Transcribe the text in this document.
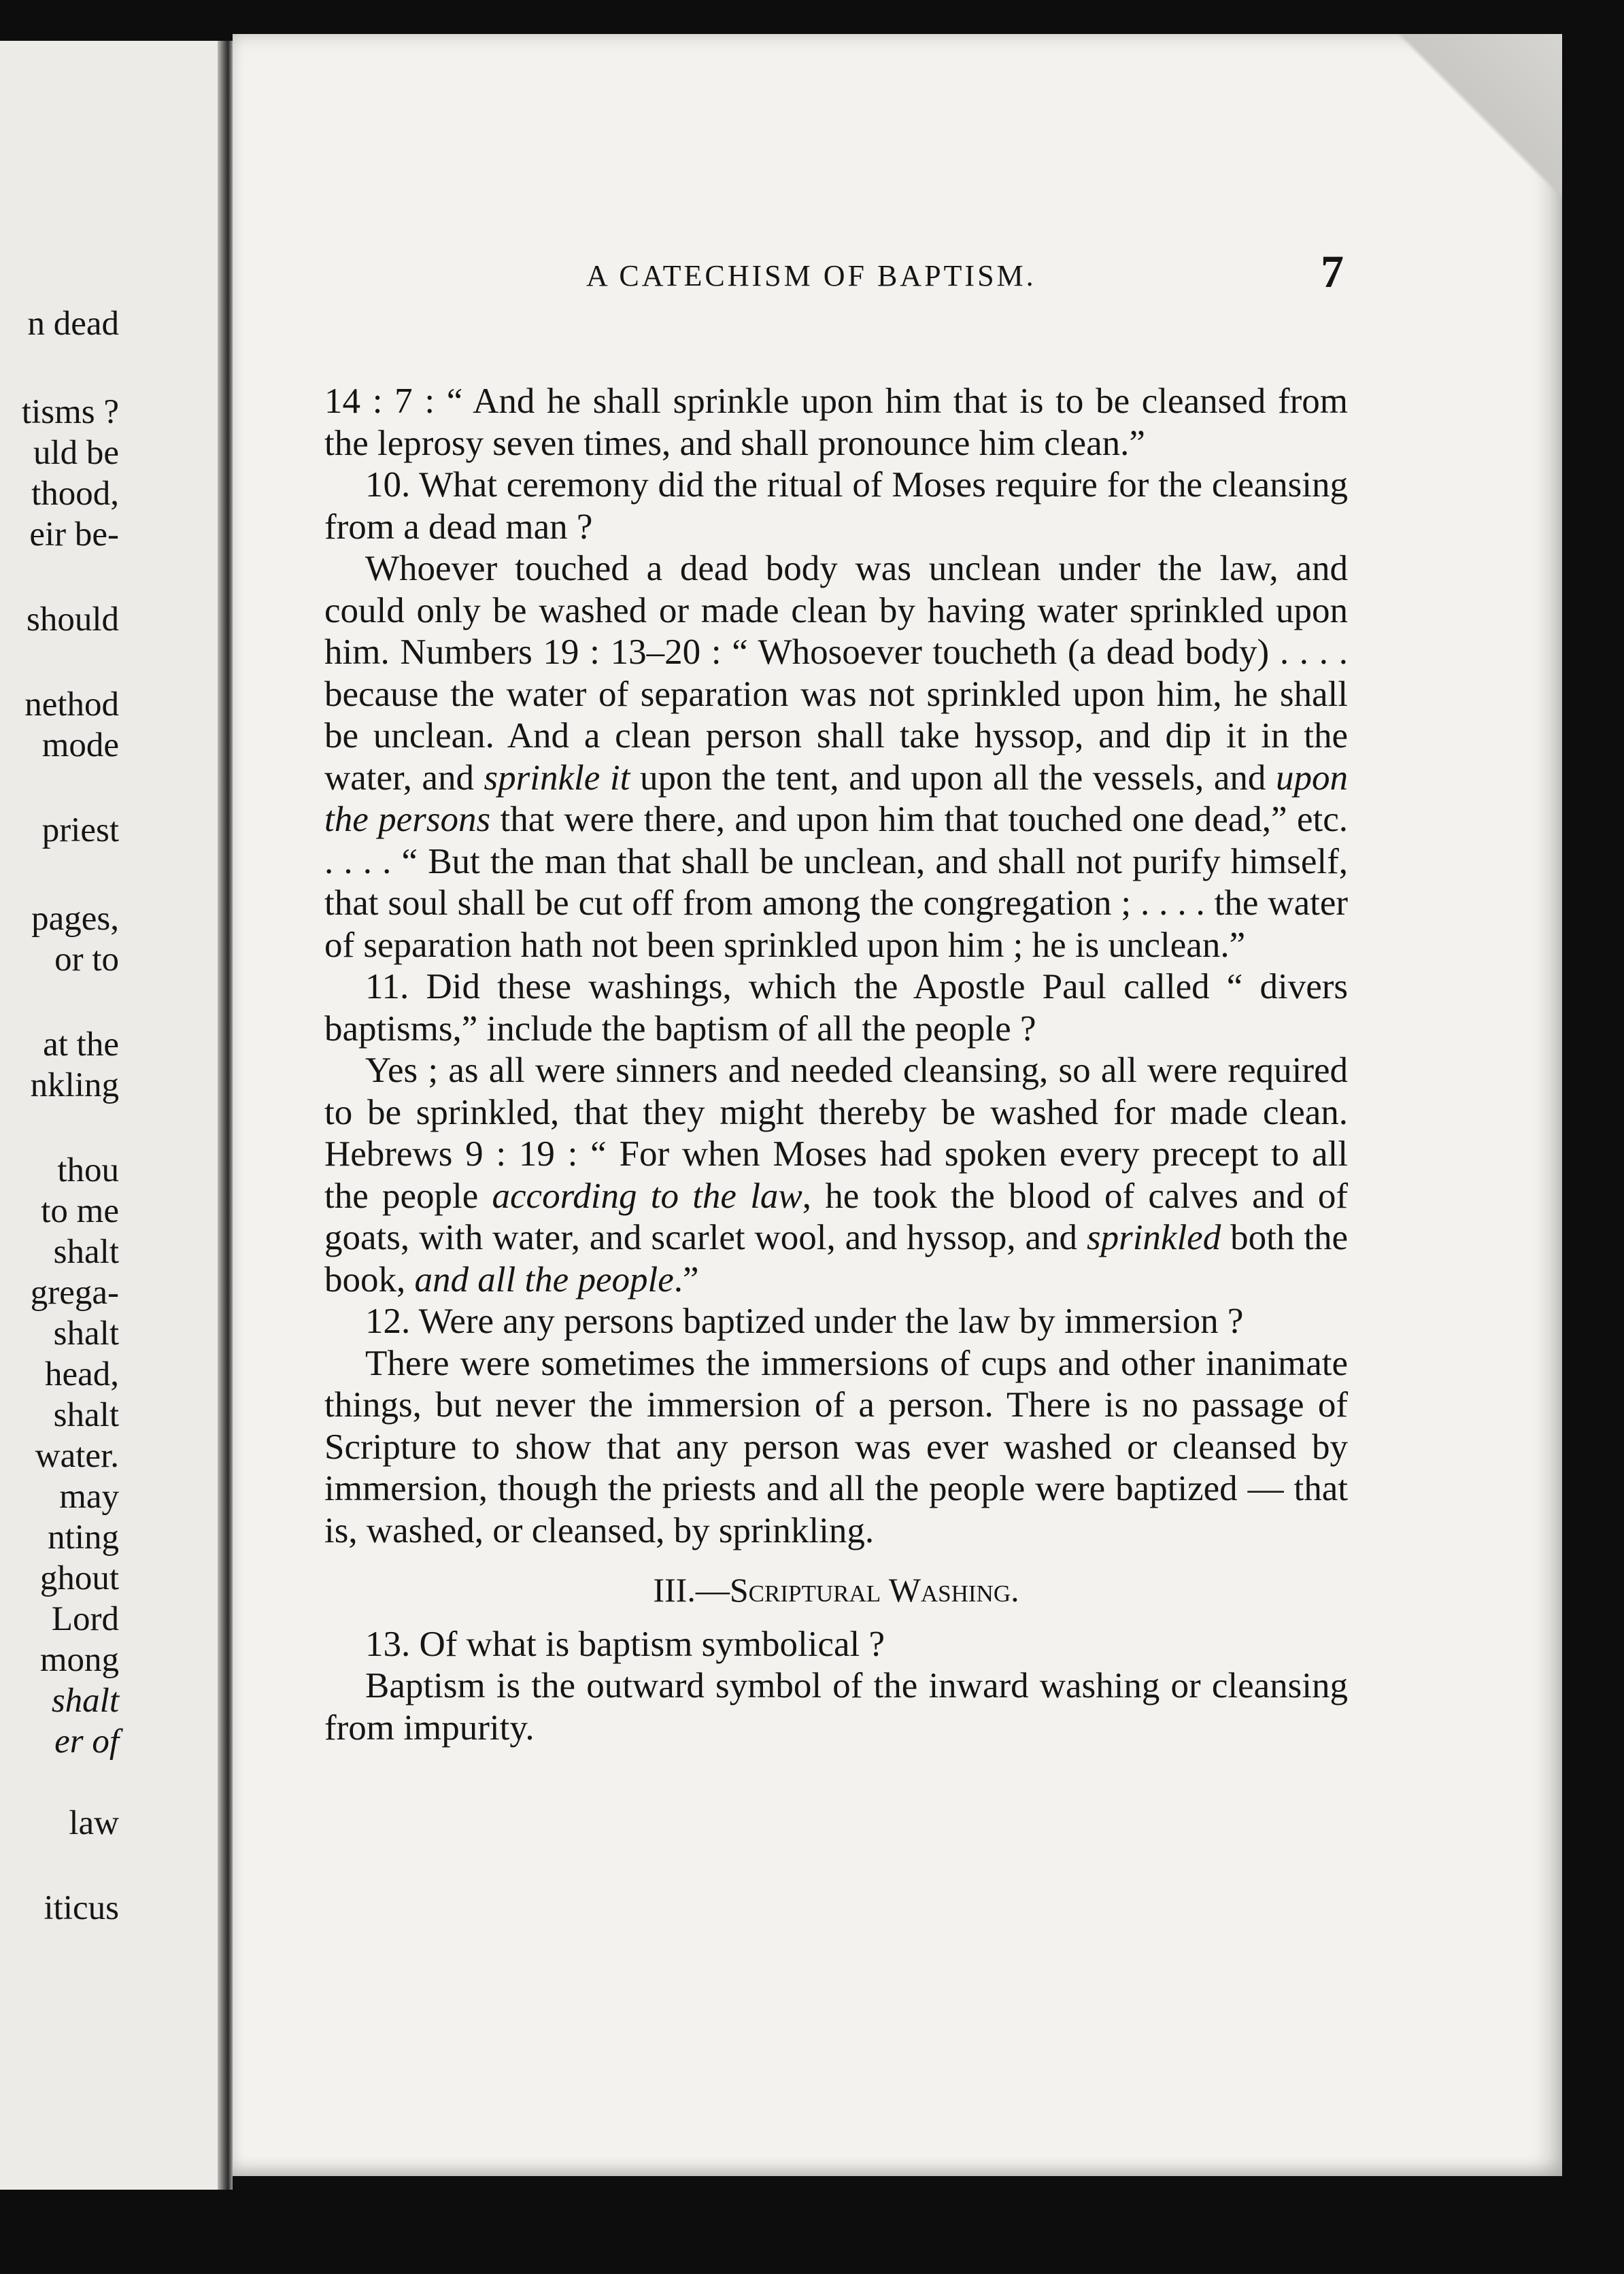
n dead
tisms ?
uld be
thood,
eir be-
should
nethod
mode
priest
pages,
or to
at the
nkling
thou
to me
shalt
grega-
shalt
head,
shalt
water.
may
nting
ghout
Lord
mong
shalt
er of
law
iticus
A CATECHISM OF BAPTISM.	7

14 : 7 : “ And he shall sprinkle upon him that is to be cleansed from the leprosy seven times, and shall pronounce him clean.”

10. What ceremony did the ritual of Moses require for the cleansing from a dead man ?

Whoever touched a dead body was unclean under the law, and could only be washed or made clean by having water sprinkled upon him. Numbers 19 : 13–20 : “ Whosoever toucheth (a dead body) . . . . because the water of separation was not sprinkled upon him, he shall be unclean. And a clean person shall take hyssop, and dip it in the water, and sprinkle it upon the tent, and upon all the vessels, and upon the persons that were there, and upon him that touched one dead,” etc. . . . . “ But the man that shall be unclean, and shall not purify himself, that soul shall be cut off from among the congregation ; . . . . the water of separation hath not been sprinkled upon him ; he is unclean.”

11. Did these washings, which the Apostle Paul called “ divers baptisms,” include the baptism of all the people ?

Yes ; as all were sinners and needed cleansing, so all were required to be sprinkled, that they might thereby be washed for made clean. Hebrews 9 : 19 : “ For when Moses had spoken every precept to all the people according to the law, he took the blood of calves and of goats, with water, and scarlet wool, and hyssop, and sprinkled both the book, and all the people.”

12. Were any persons baptized under the law by immersion ?

There were sometimes the immersions of cups and other inanimate things, but never the immersion of a person. There is no passage of Scripture to show that any person was ever washed or cleansed by immersion, though the priests and all the people were baptized — that is, washed, or cleansed, by sprinkling.

III.—Scriptural Washing.

13. Of what is baptism symbolical ?

Baptism is the outward symbol of the inward washing or cleansing from impurity.
